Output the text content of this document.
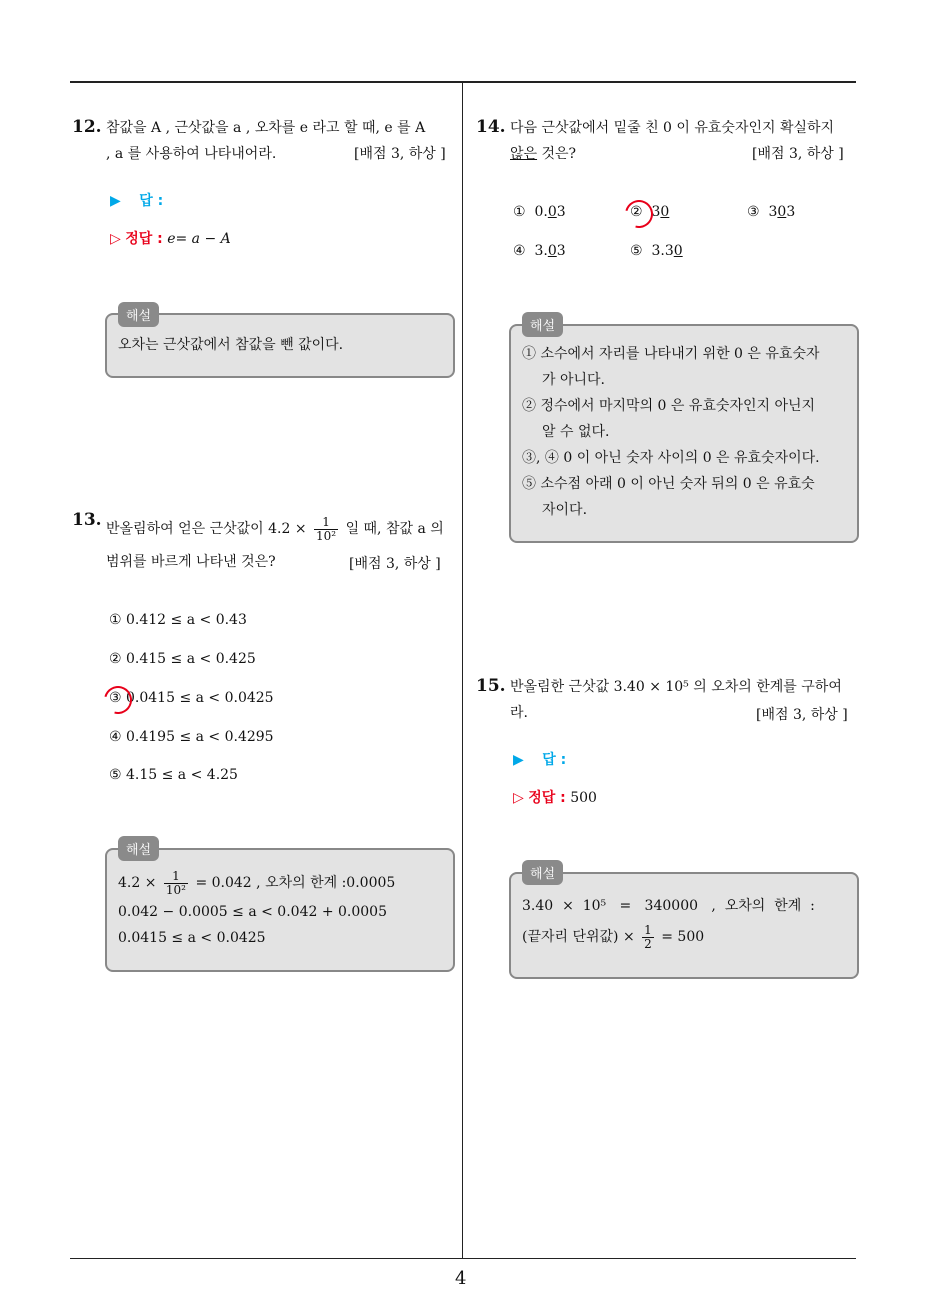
4
12. 참값을 A , 근삿값을 a , 오차를 e 라고 할 때, e 를 A
, a 를 사용하여 나타내어라.	[배점 3, 하상 ]
▶ 답 :
▷ 정답 : e= a − A
해설
오차는 근삿값에서 참값을 뺀 값이다.
13. 반올림하여 얻은 근삿값이 $4.2 \times \frac{1}{\text{10²}}$ 일 때, 참값 a 의
범위를 바르게 나타낸 것은?	[배점 3, 하상 ]
① 0.412 ≤ a < 0.43
② 0.415 ≤ a < 0.425
③ 0.0415 ≤ a < 0.0425
④ 0.4195 ≤ a < 0.4295
⑤ 4.15 ≤ a < 4.25
해설
$4.2 \times \frac{1}{\text{10²}} = 0.042$ , 오차의 한계 :0.0005
0.042 − 0.0005 ≤ a < 0.042 + 0.0005
0.0415 ≤ a < 0.0425
14. 다음 근삿값에서 밑줄 친 0 이 유효숫자인지 확실하지
않은 것은?	[배점 3, 하상 ]
① 0.03	② 30	③ 303
④ 3.03	⑤ 3.30
해설
① 소수에서 자리를 나타내기 위한 0 은 유효숫자
가 아니다.
② 정수에서 마지막의 0 은 유효숫자인지 아닌지
알 수 없다.
③, ④ 0 이 아닌 숫자 사이의 0 은 유효숫자이다.
⑤ 소수점 아래 0 이 아닌 숫자 뒤의 0 은 유효숫
자이다.
15. 반올림한 근삿값 3.40 × 10⁵ 의 오차의 한계를 구하여
라.	[배점 3, 하상 ]
▶ 답 :
▷ 정답 : 500
해설
3.40  ×  10⁵   =   340000   ,  오차의  한계  :
(끝자리 단위값) × $\frac{1}{2} = 500$
